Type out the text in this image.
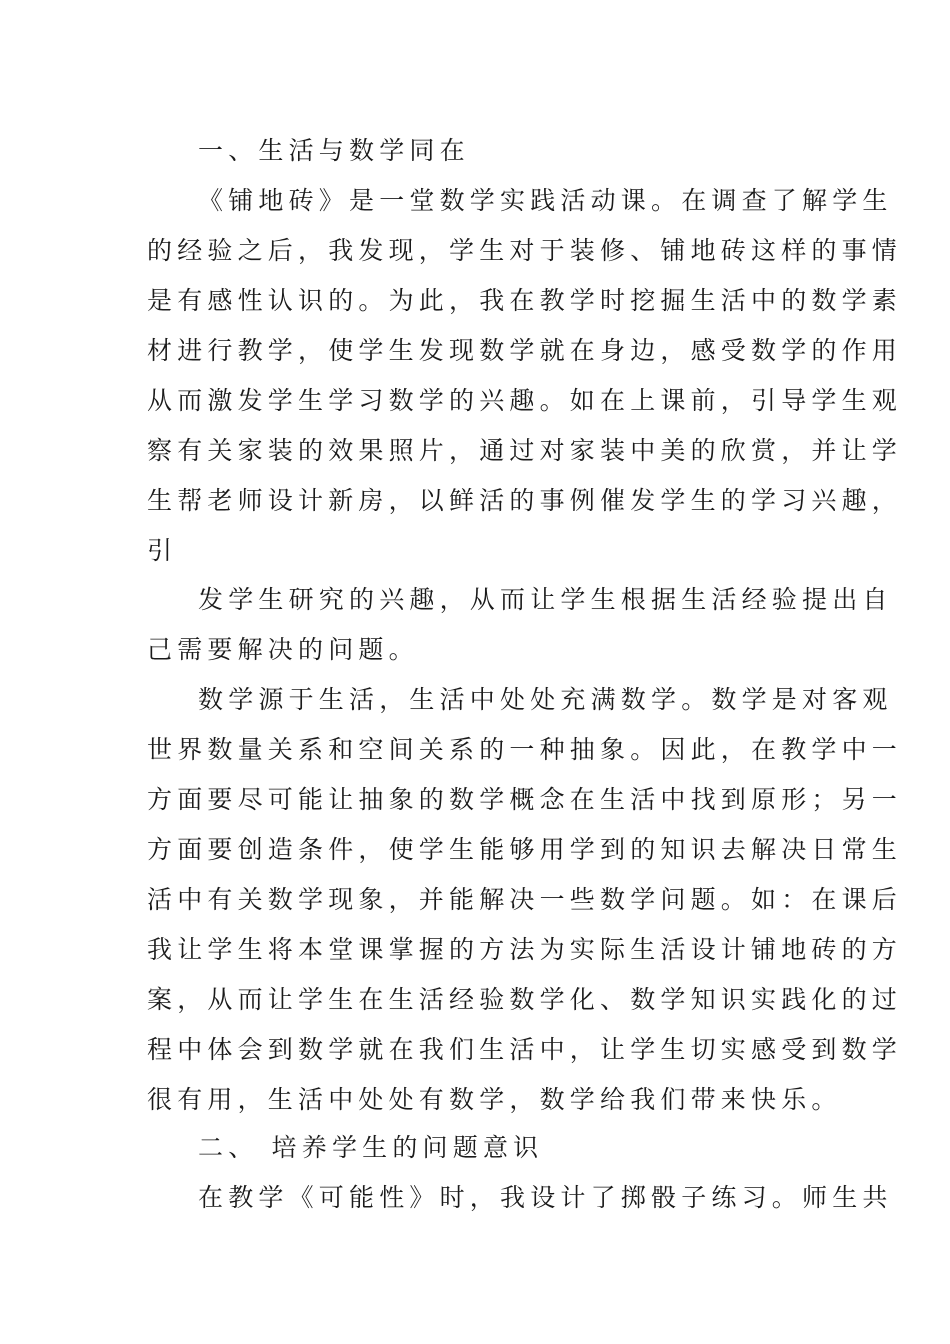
一、生活与数学同在
《铺地砖》是一堂数学实践活动课。在调查了解学生
的经验之后，我发现，学生对于装修、铺地砖这样的事情
是有感性认识的。为此，我在教学时挖掘生活中的数学素
材进行教学，使学生发现数学就在身边，感受数学的作用
从而激发学生学习数学的兴趣。如在上课前，引导学生观
察有关家装的效果照片，通过对家装中美的欣赏，并让学
生帮老师设计新房，以鲜活的事例催发学生的学习兴趣，
引
发学生研究的兴趣，从而让学生根据生活经验提出自
己需要解决的问题。
数学源于生活，生活中处处充满数学。数学是对客观
世界数量关系和空间关系的一种抽象。因此，在教学中一
方面要尽可能让抽象的数学概念在生活中找到原形；另一
方面要创造条件，使学生能够用学到的知识去解决日常生
活中有关数学现象，并能解决一些数学问题。如：在课后
我让学生将本堂课掌握的方法为实际生活设计铺地砖的方
案，从而让学生在生活经验数学化、数学知识实践化的过
程中体会到数学就在我们生活中，让学生切实感受到数学
很有用，生活中处处有数学，数学给我们带来快乐。
二、 培养学生的问题意识
在教学《可能性》时，我设计了掷骰子练习。师生共
